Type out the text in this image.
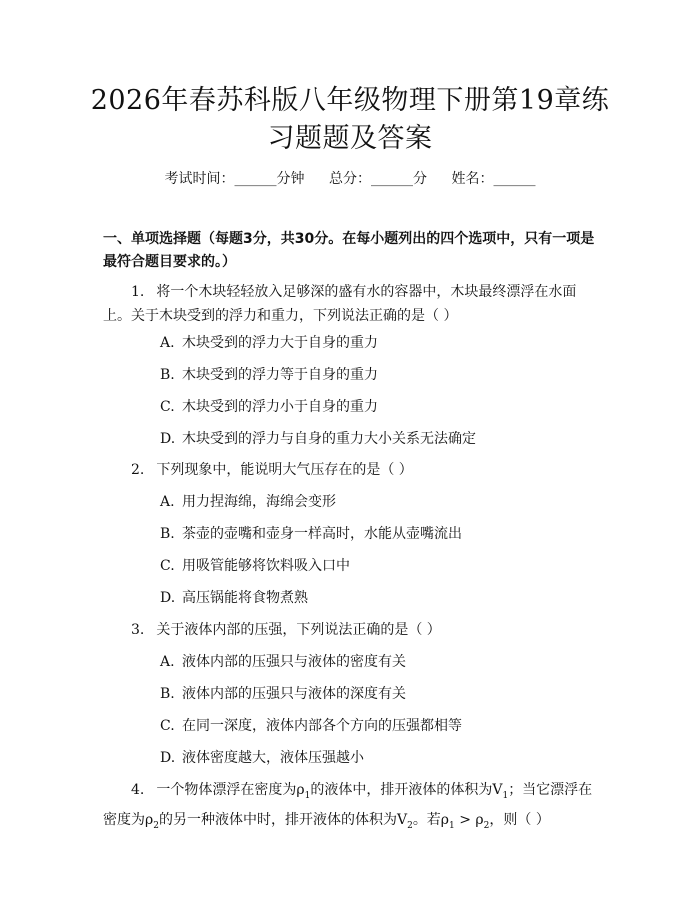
2026年春苏科版八年级物理下册第19章练习题题及答案
考试时间：______分钟 总分：______分 姓名：______
一、单项选择题（每题3分，共30分。在每小题列出的四个选项中，只有一项是最符合题目要求的。）
1. 将一个木块轻轻放入足够深的盛有水的容器中，木块最终漂浮在水面上。关于木块受到的浮力和重力，下列说法正确的是（ ）
A. 木块受到的浮力大于自身的重力
B. 木块受到的浮力等于自身的重力
C. 木块受到的浮力小于自身的重力
D. 木块受到的浮力与自身的重力大小关系无法确定
2. 下列现象中，能说明大气压存在的是（ ）
A. 用力捏海绵，海绵会变形
B. 茶壶的壶嘴和壶身一样高时，水能从壶嘴流出
C. 用吸管能够将饮料吸入口中
D. 高压锅能将食物煮熟
3. 关于液体内部的压强，下列说法正确的是（ ）
A. 液体内部的压强只与液体的密度有关
B. 液体内部的压强只与液体的深度有关
C. 在同一深度，液体内部各个方向的压强都相等
D. 液体密度越大，液体压强越小
4. 一个物体漂浮在密度为$\rho_1$的液体中，排开液体的体积为$V_1$；当它漂浮在密度为$\rho_2$的另一种液体中时，排开液体的体积为$V_2$。若$\rho_1 > \rho_2$，则（ ）
